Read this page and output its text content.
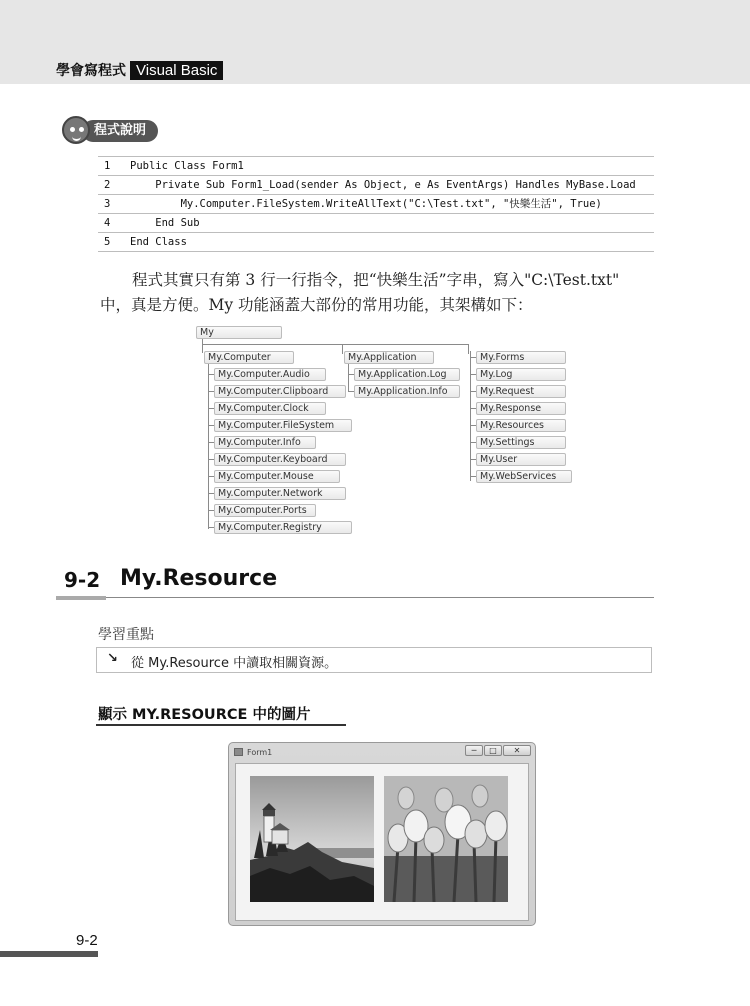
學會寫程式 Visual Basic
程式說明
1	Public Class Form1
2	Private Sub Form1_Load(sender As Object, e As EventArgs) Handles MyBase.Load
3	My.Computer.FileSystem.WriteAllText("C:\Test.txt", "快樂生活", True)
4	End Sub
5	End Class

程式其實只有第 3 行一行指令，把“快樂生活”字串，寫入"C:\Test.txt"

中，真是方便。My 功能涵蓋大部份的常用功能，其架構如下：

My
My.Computer
My.Computer.Audio
My.Computer.Clipboard
My.Computer.Clock
My.Computer.FileSystem
My.Computer.Info
My.Computer.Keyboard
My.Computer.Mouse
My.Computer.Network
My.Computer.Ports
My.Computer.Registry
My.Application
My.Application.Log
My.Application.Info
My.Forms
My.Log
My.Request
My.Response
My.Resources
My.Settings
My.User
My.WebServices
9-2 My.Resource
學習重點
↘ 從 My.Resource 中讀取相關資源。
顯示 MY.RESOURCE 中的圖片
Form1	─	□	✕
9-2
